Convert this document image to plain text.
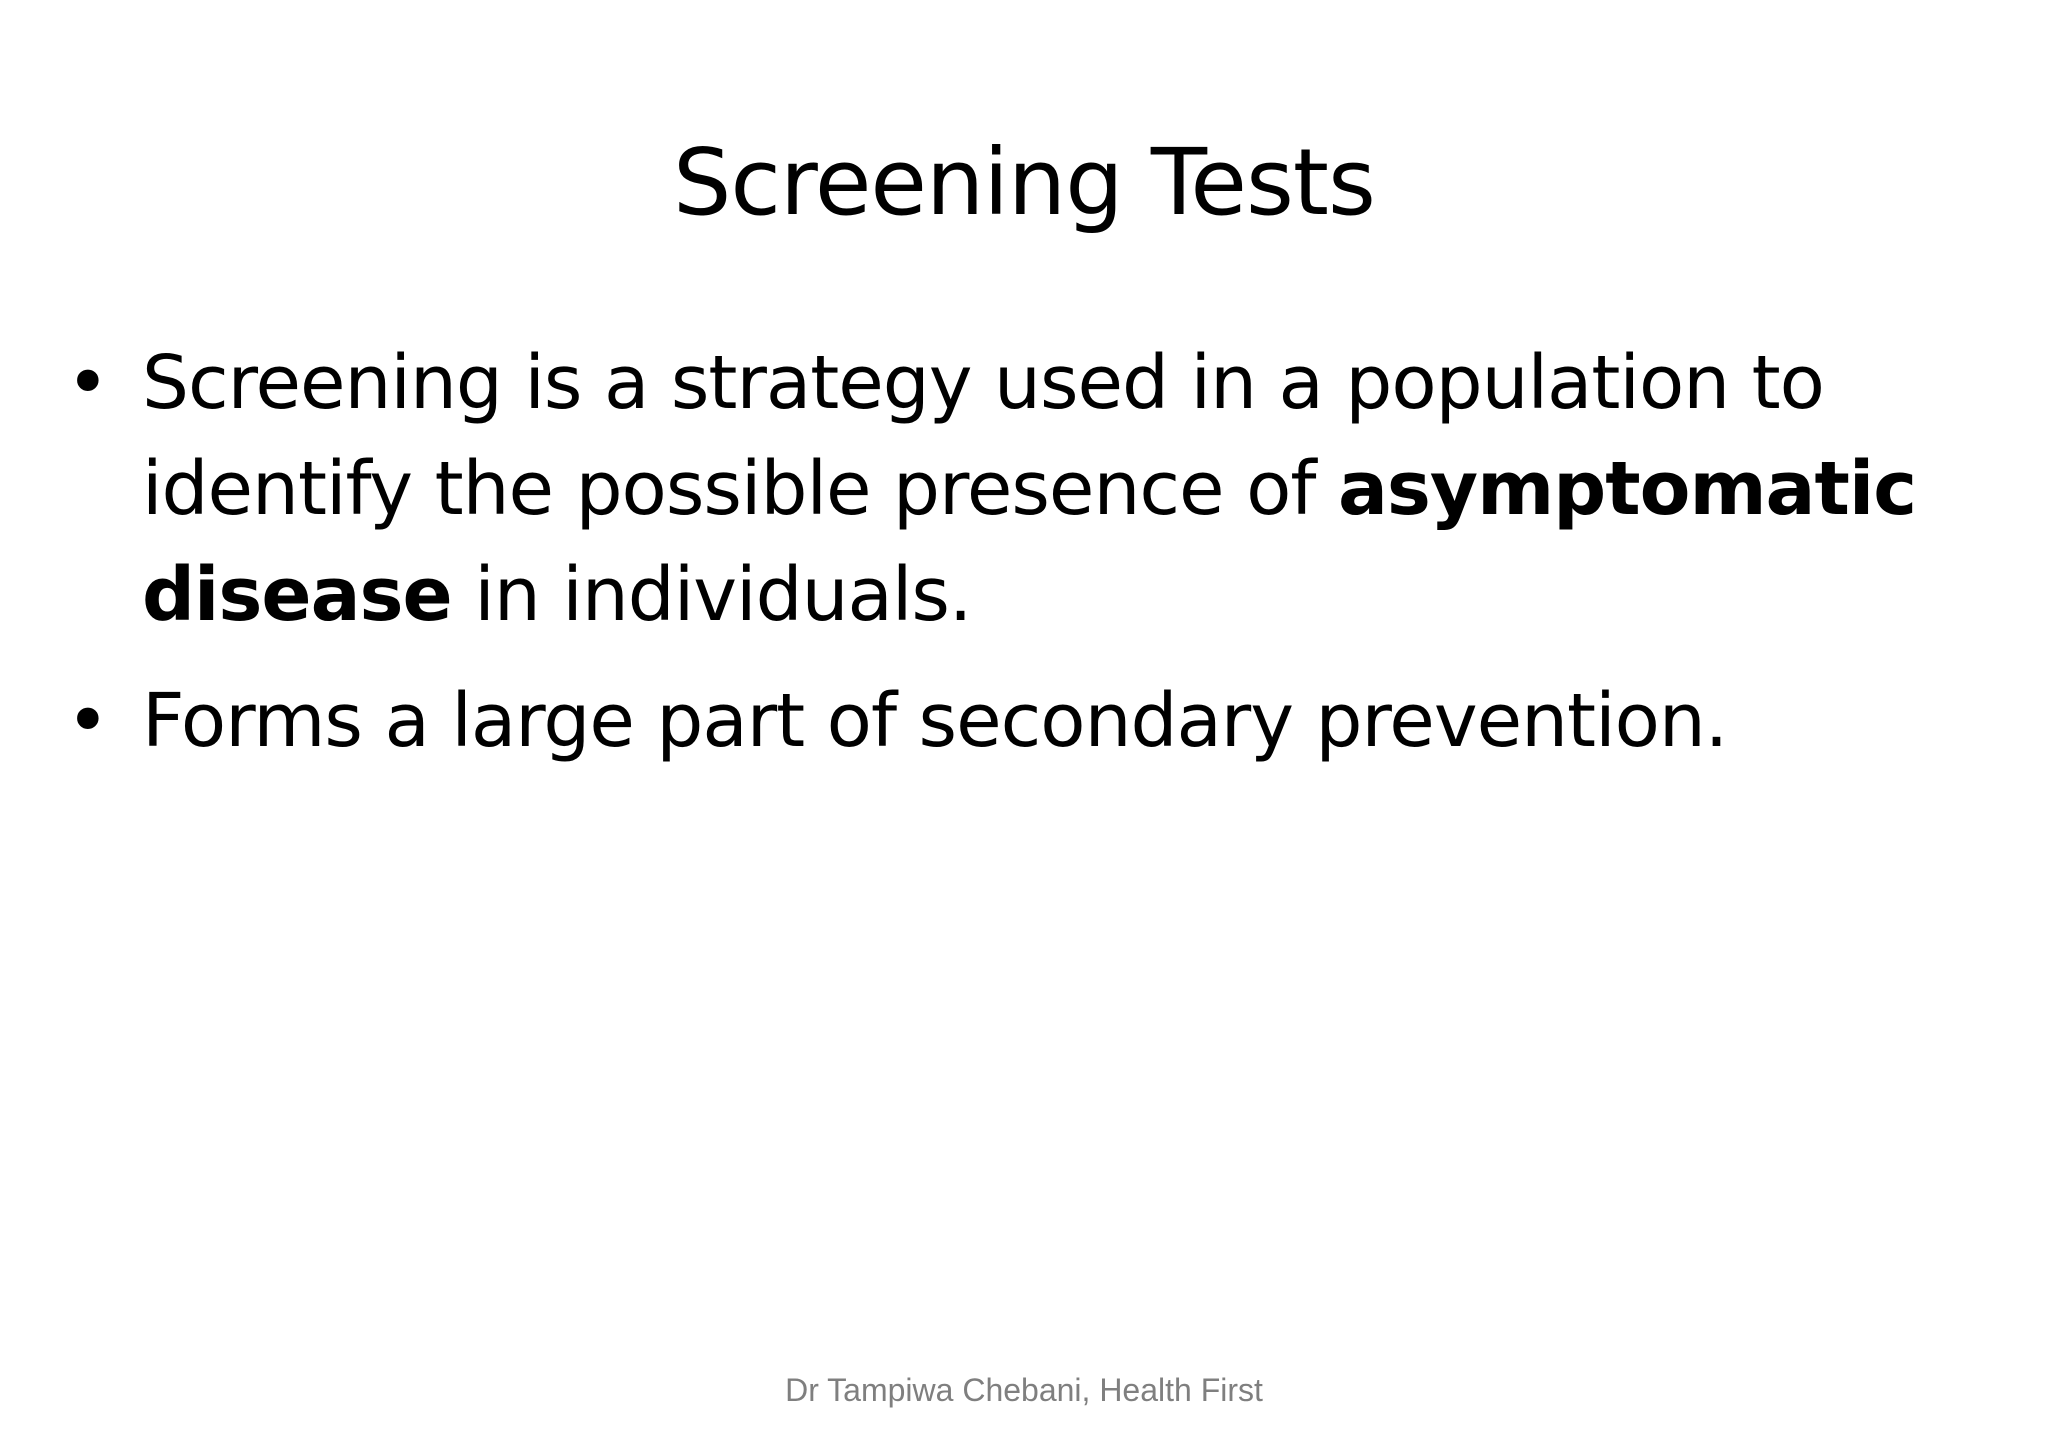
Screening Tests
• Screening is a strategy used in a population to identify the possible presence of asymptomatic disease in individuals.
• Forms a large part of secondary prevention.
Dr Tampiwa Chebani, Health First
